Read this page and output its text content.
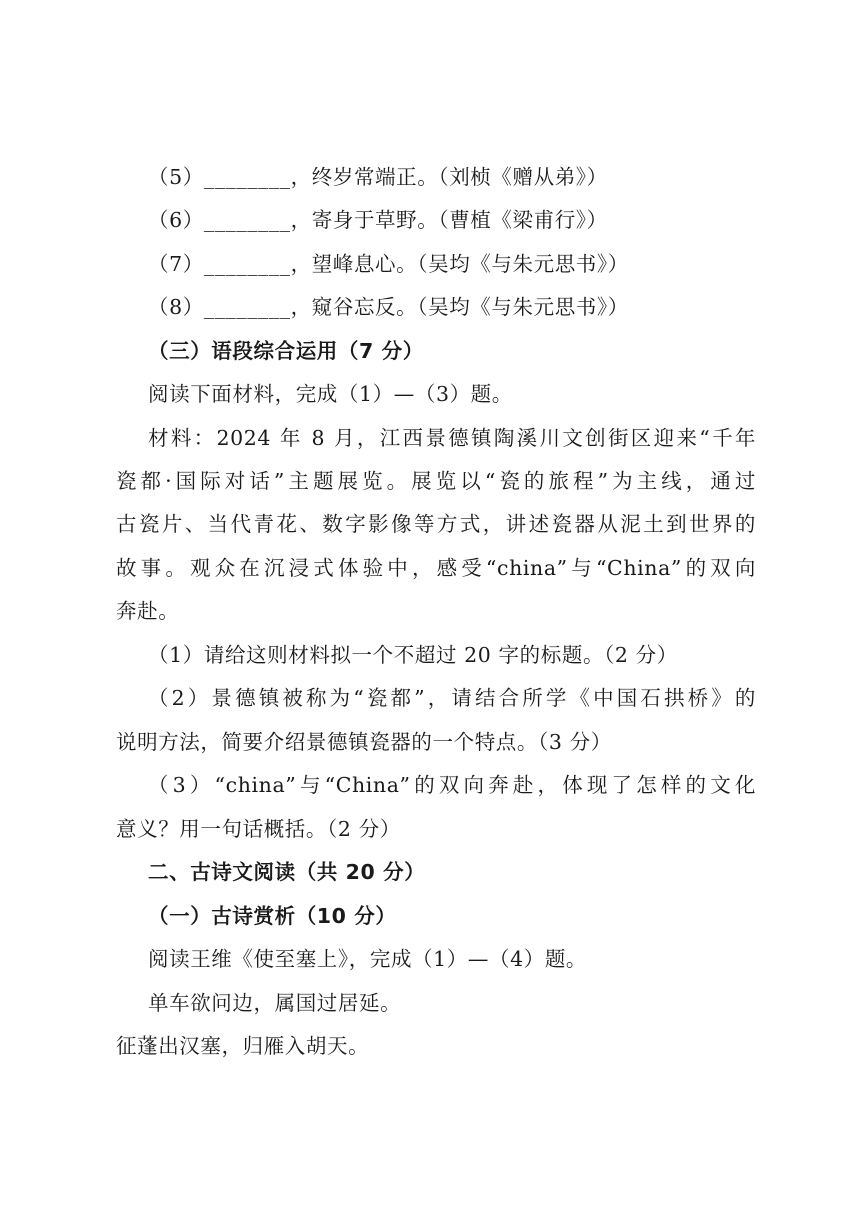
（5）________，终岁常端正。（刘桢《赠从弟》）
（6）________，寄身于草野。（曹植《梁甫行》）
（7）________，望峰息心。（吴均《与朱元思书》）
（8）________，窥谷忘反。（吴均《与朱元思书》）
（三）语段综合运用（7 分）
阅读下面材料，完成（1）—（3）题。
材料：2024 年 8 月，江西景德镇陶溪川文创街区迎来“千年
瓷都·国际对话”主题展览。展览以“瓷的旅程”为主线，通过
古瓷片、当代青花、数字影像等方式，讲述瓷器从泥土到世界的
故事。观众在沉浸式体验中，感受“china”与“China”的双向
奔赴。
（1）请给这则材料拟一个不超过 20 字的标题。（2 分）
（2）景德镇被称为“瓷都”，请结合所学《中国石拱桥》的
说明方法，简要介绍景德镇瓷器的一个特点。（3 分）
（3）“china”与“China”的双向奔赴，体现了怎样的文化
意义？用一句话概括。（2 分）
二、古诗文阅读（共 20 分）
（一）古诗赏析（10 分）
阅读王维《使至塞上》，完成（1）—（4）题。
单车欲问边，属国过居延。
征蓬出汉塞，归雁入胡天。
